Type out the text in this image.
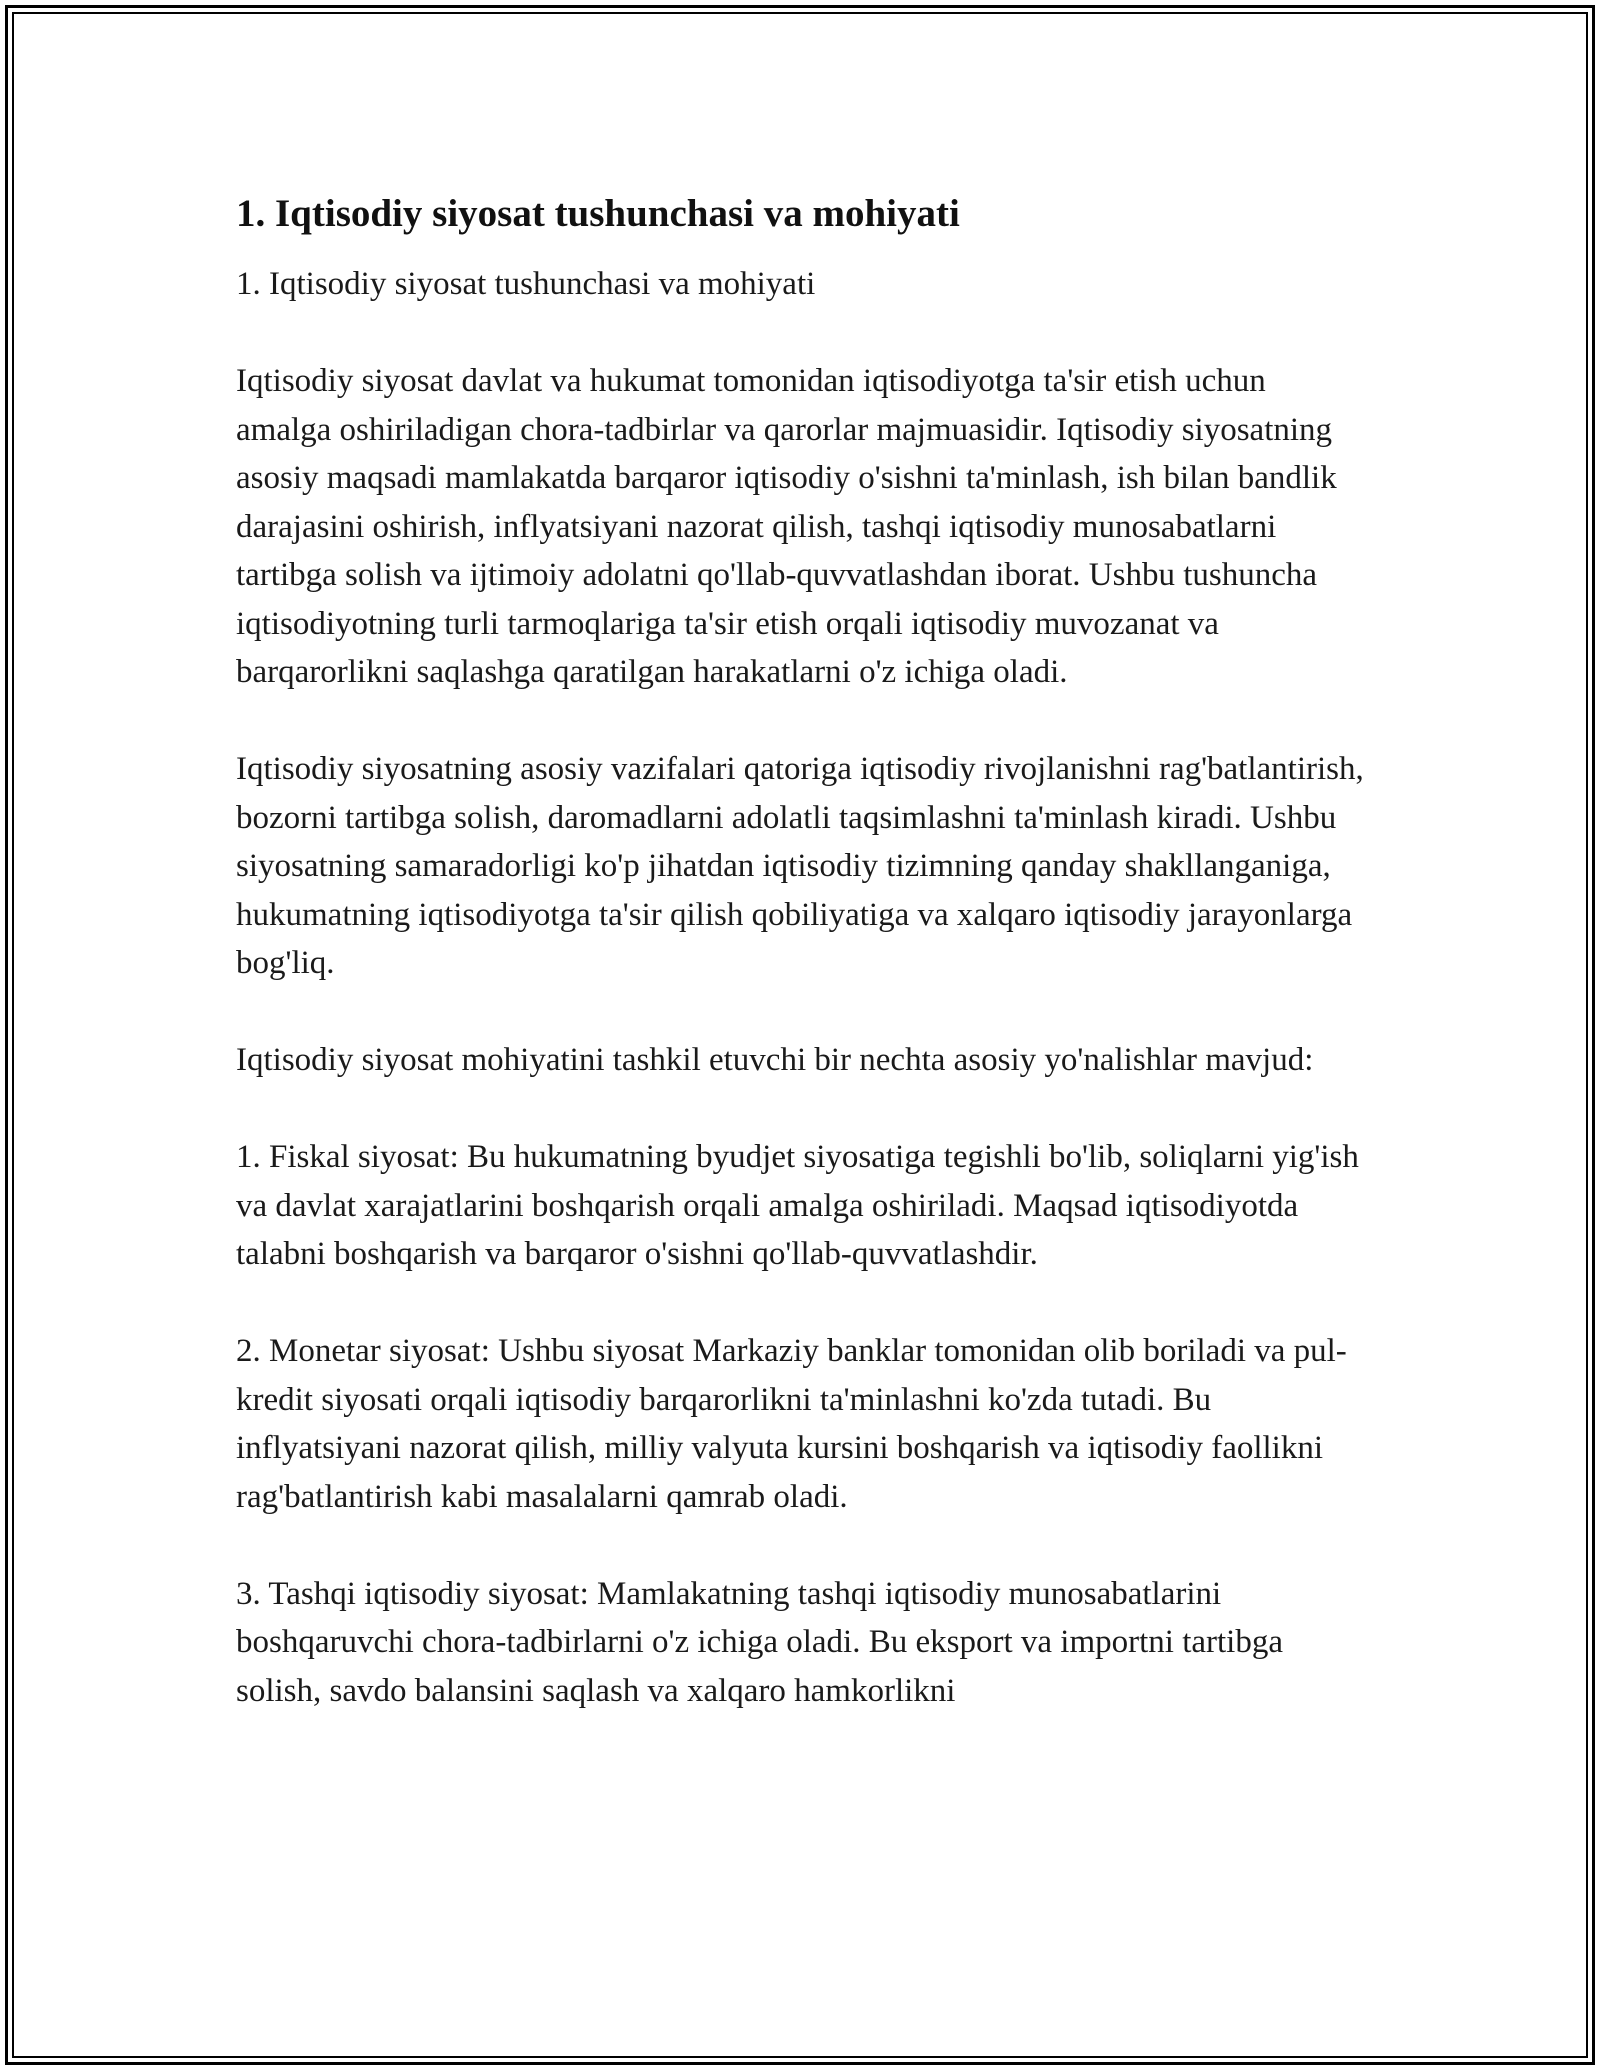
1. Iqtisodiy siyosat tushunchasi va mohiyati

1. Iqtisodiy siyosat tushunchasi va mohiyati

Iqtisodiy siyosat davlat va hukumat tomonidan iqtisodiyotga ta'sir etish uchun amalga oshiriladigan chora-tadbirlar va qarorlar majmuasidir. Iqtisodiy siyosatning asosiy maqsadi mamlakatda barqaror iqtisodiy o'sishni ta'minlash, ish bilan bandlik darajasini oshirish, inflyatsiyani nazorat qilish, tashqi iqtisodiy munosabatlarni tartibga solish va ijtimoiy adolatni qo'llab-quvvatlashdan iborat. Ushbu tushuncha iqtisodiyotning turli tarmoqlariga ta'sir etish orqali iqtisodiy muvozanat va barqarorlikni saqlashga qaratilgan harakatlarni o'z ichiga oladi.

Iqtisodiy siyosatning asosiy vazifalari qatoriga iqtisodiy rivojlanishni rag'batlantirish, bozorni tartibga solish, daromadlarni adolatli taqsimlashni ta'minlash kiradi. Ushbu siyosatning samaradorligi ko'p jihatdan iqtisodiy tizimning qanday shakllanganiga, hukumatning iqtisodiyotga ta'sir qilish qobiliyatiga va xalqaro iqtisodiy jarayonlarga bog'liq.

Iqtisodiy siyosat mohiyatini tashkil etuvchi bir nechta asosiy yo'nalishlar mavjud:

1. Fiskal siyosat: Bu hukumatning byudjet siyosatiga tegishli bo'lib, soliqlarni yig'ish va davlat xarajatlarini boshqarish orqali amalga oshiriladi. Maqsad iqtisodiyotda talabni boshqarish va barqaror o'sishni qo'llab-quvvatlashdir.

2. Monetar siyosat: Ushbu siyosat Markaziy banklar tomonidan olib boriladi va pul-kredit siyosati orqali iqtisodiy barqarorlikni ta'minlashni ko'zda tutadi. Bu inflyatsiyani nazorat qilish, milliy valyuta kursini boshqarish va iqtisodiy faollikni rag'batlantirish kabi masalalarni qamrab oladi.

3. Tashqi iqtisodiy siyosat: Mamlakatning tashqi iqtisodiy munosabatlarini boshqaruvchi chora-tadbirlarni o'z ichiga oladi. Bu eksport va importni tartibga solish, savdo balansini saqlash va xalqaro hamkorlikni
